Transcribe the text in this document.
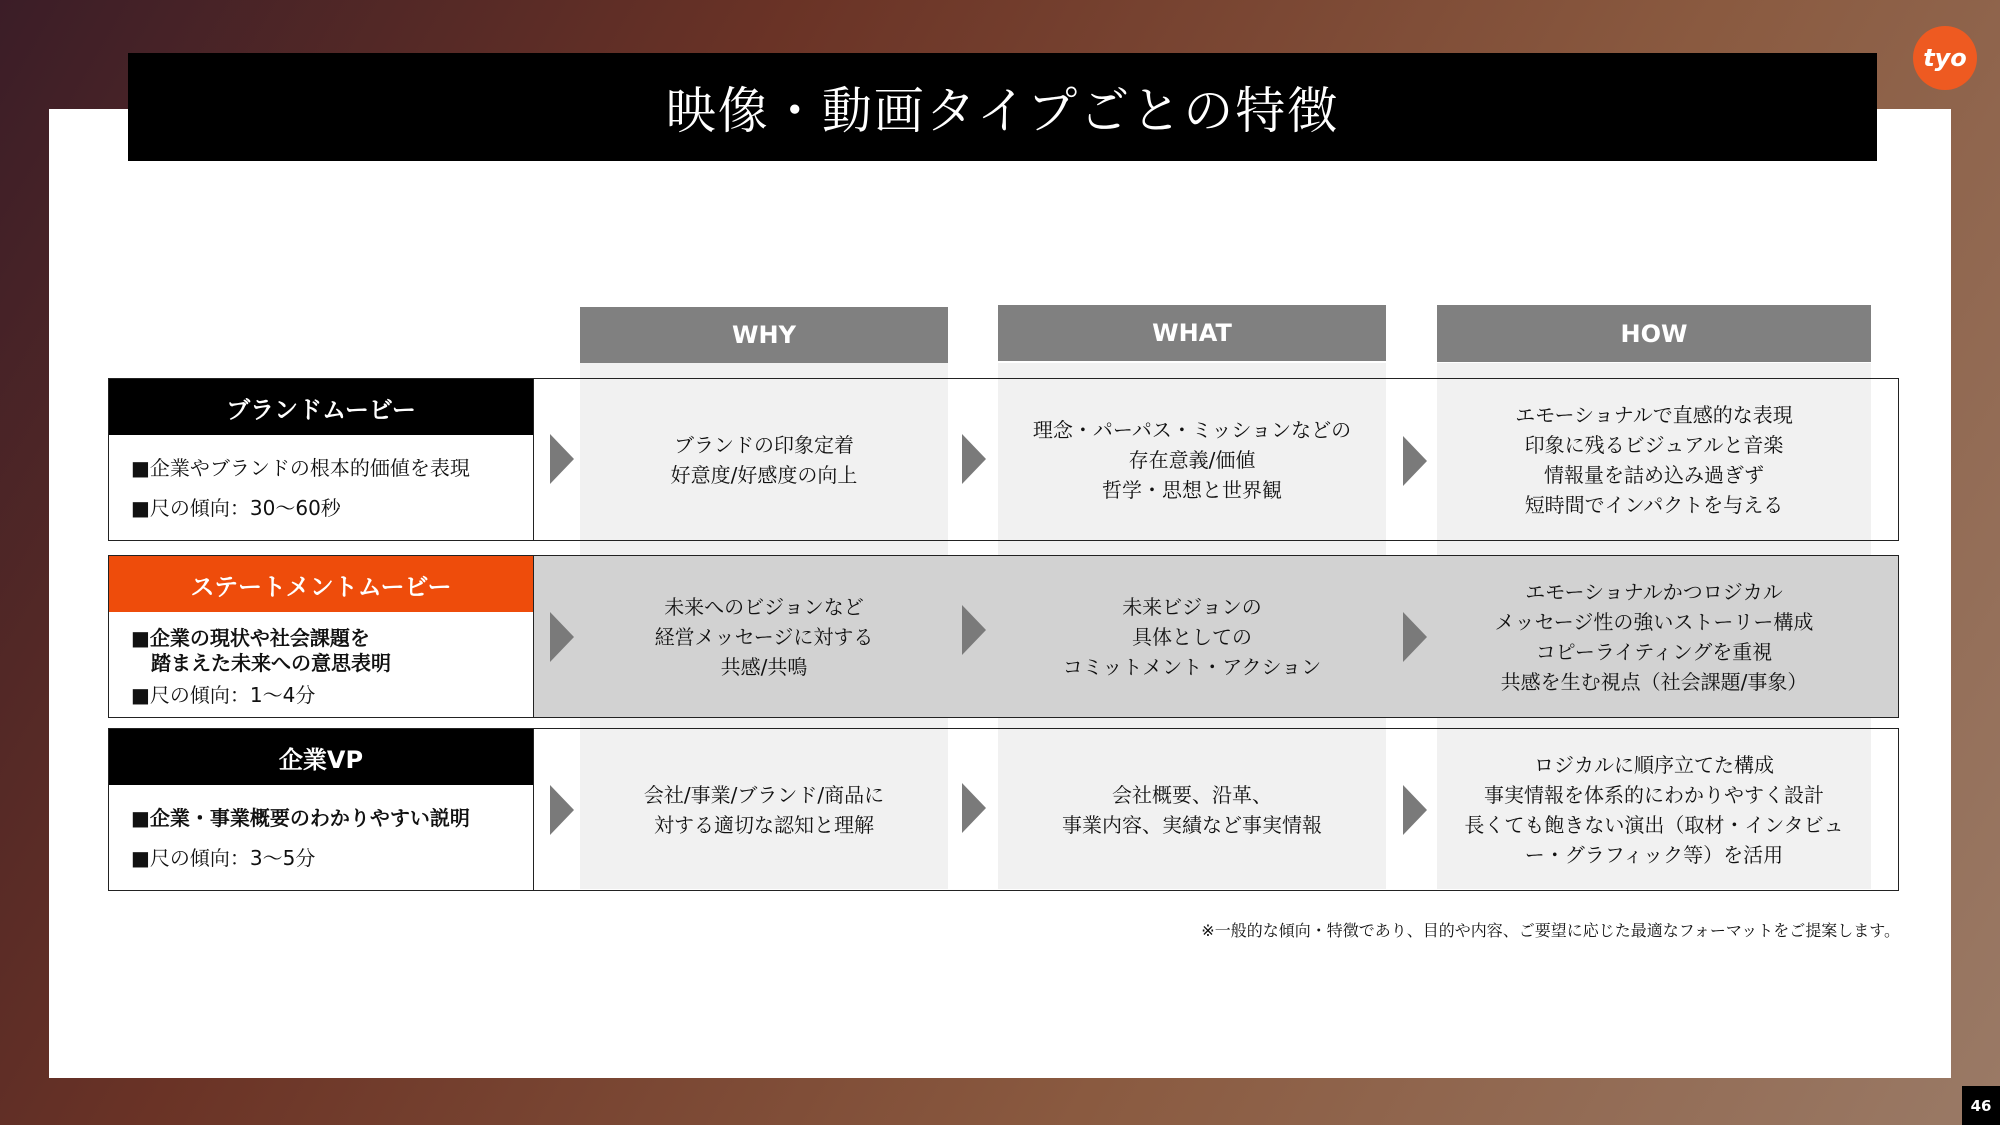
映像・動画タイプごとの特徴
tyo
WHY	WHAT	HOW
ブランドムービー
■企業やブランドの根本的価値を表現
■尺の傾向：30〜60秒
ステートメントムービー
■企業の現状や社会課題を
　踏まえた未来への意思表明
■尺の傾向：1〜4分
企業VP
■企業・事業概要のわかりやすい説明
■尺の傾向：3〜5分
ブランドの印象定着
好意度/好感度の向上
理念・パーパス・ミッションなどの
存在意義/価値
哲学・思想と世界観
エモーショナルで直感的な表現
印象に残るビジュアルと音楽
情報量を詰め込み過ぎず
短時間でインパクトを与える
未来へのビジョンなど
経営メッセージに対する
共感/共鳴
未来ビジョンの
具体としての
コミットメント・アクション
エモーショナルかつロジカル
メッセージ性の強いストーリー構成
コピーライティングを重視
共感を生む視点（社会課題/事象）
会社/事業/ブランド/商品に
対する適切な認知と理解
会社概要、沿革、
事業内容、実績など事実情報
ロジカルに順序立てた構成
事実情報を体系的にわかりやすく設計
長くても飽きない演出（取材・インタビュ
ー・グラフィック等）を活用
※一般的な傾向・特徴であり、目的や内容、ご要望に応じた最適なフォーマットをご提案します。
46
